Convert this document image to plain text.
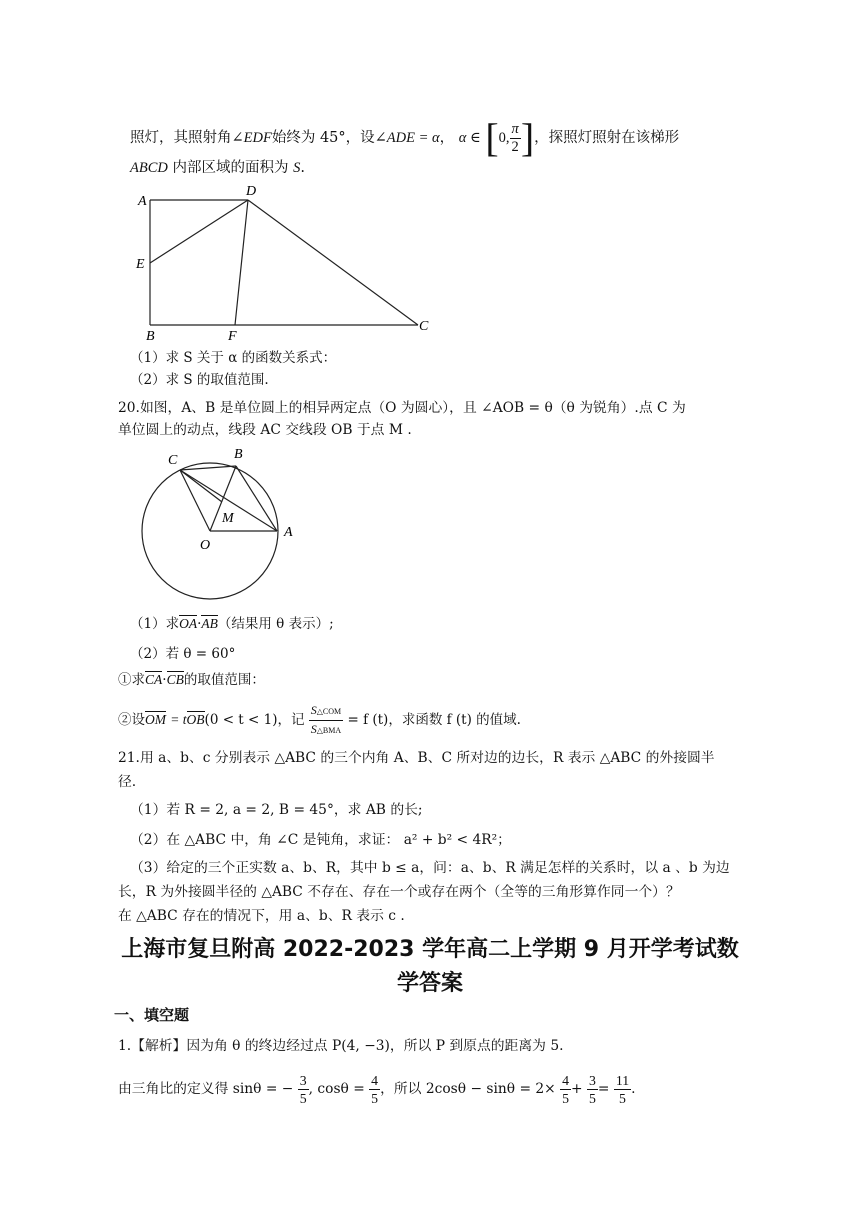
照灯，其照射角∠EDF始终为 45°，设∠ADE = α， α ∈ [0, $\frac{\pi}{2}$ ]，探照灯照射在该梯形
ABCD 内部区域的面积为 S.
A
D
E
B	F
C
（1）求 S 关于 α 的函数关系式：
（2）求 S 的取值范围.
20.如图，A、B 是单位圆上的相异两定点（O 为圆心），且 ∠AOB = θ（θ 为锐角）.点 C 为
单位圆上的动点，线段 AC 交线段 OB 于点 M .
C	B
M
O
A
（1）求OA·AB（结果用 θ 表示）;
（2）若 θ = 60°
①求CA·CB的取值范围：
②设OM = tOB(0 < t < 1)，记 $\frac{\text{S△COM}}{\text{S△BMA}} = f$ (t)，求函数 f (t) 的值域.
21.用 a、b、c 分别表示 △ABC 的三个内角 A、B、C 所对边的边长，R 表示 △ABC 的外接圆半
径.
（1）若 R = 2, a = 2, B = 45°，求 AB 的长;
（2）在 △ABC 中，角 ∠C 是钝角，求证： a² + b² < 4R²；
（3）给定的三个正实数 a、b、R，其中 b ≤ a，问：a、b、R 满足怎样的关系时，以 a 、b 为边
长，R 为外接圆半径的 △ABC 不存在、存在一个或存在两个（全等的三角形算作同一个）？
在 △ABC 存在的情况下，用 a、b、R 表示 c .
上海市复旦附高 2022-2023 学年高二上学期 9 月开学考试数
学答案
一、填空题
1.【解析】因为角 θ 的终边经过点 P(4, −3)，所以 P 到原点的距离为 5.
由三角比的定义得 sinθ = − $\frac{3}{5}$ , $\cos\theta = \frac{4}{5}$ ，所以 $2\cos\theta - \sin\theta = 2\times \frac{4}{5} + \frac{3}{5} = \frac{11}{5}$ .
